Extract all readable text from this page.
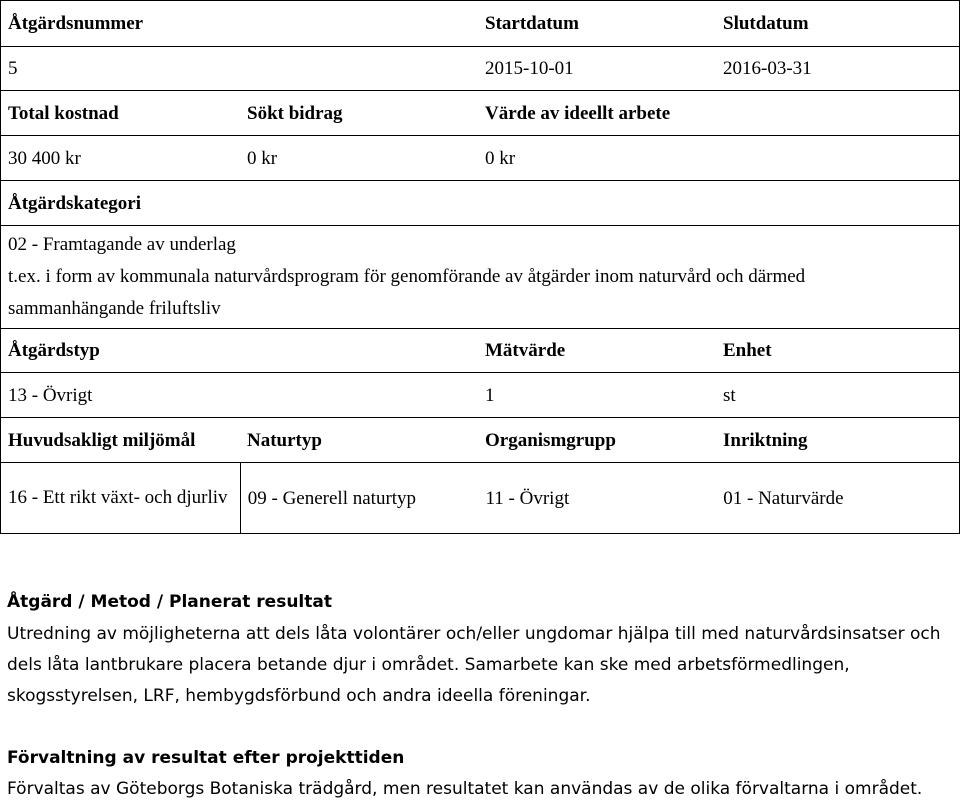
Åtgärdsnummer	Startdatum	Slutdatum
5	2015-10-01	2016-03-31
Total kostnad	Sökt bidrag	Värde av ideellt arbete
30 400 kr	0 kr	0 kr
Åtgärdskategori
02 - Framtagande av underlag
t.ex. i form av kommunala naturvårdsprogram för genomförande av åtgärder inom naturvård och därmed sammanhängande friluftsliv
Åtgärdstyp	Mätvärde	Enhet
13 - Övrigt	1	st
Huvudsakligt miljömål	Naturtyp	Organismgrupp	Inriktning
16 - Ett rikt växt- och djurliv	09 - Generell naturtyp	11 - Övrigt	01 - Naturvärde
Åtgärd / Metod / Planerat resultat
Utredning av möjligheterna att dels låta volontärer och/eller ungdomar hjälpa till med naturvårdsinsatser och dels låta lantbrukare placera betande djur i området. Samarbete kan ske med arbetsförmedlingen, skogsstyrelsen, LRF, hembygdsförbund och andra ideella föreningar.
Förvaltning av resultat efter projekttiden
Förvaltas av Göteborgs Botaniska trädgård, men resultatet kan användas av de olika förvaltarna i området.
